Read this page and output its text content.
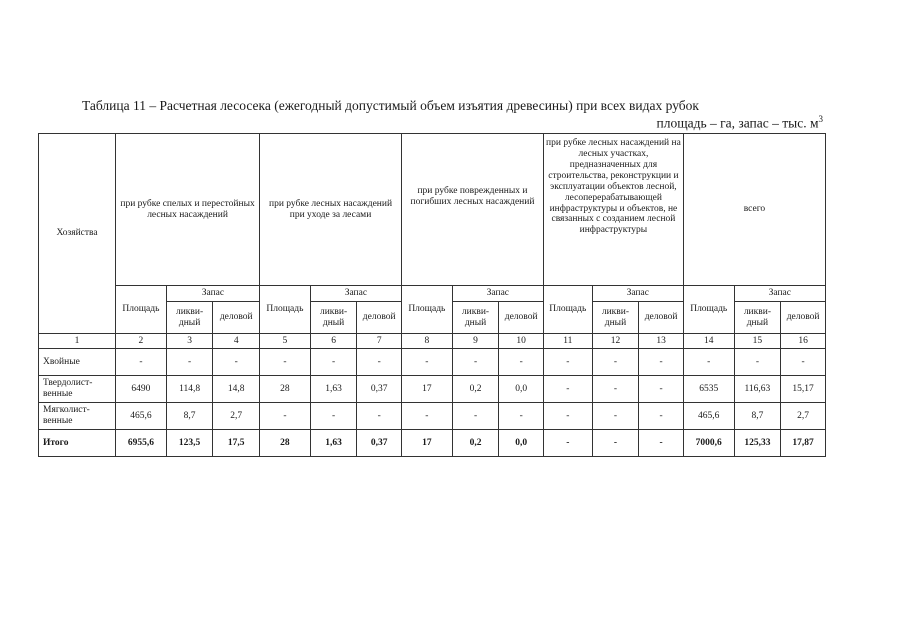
Таблица 11 – Расчетная лесосека (ежегодный допустимый объем изъятия древесины) при всех видах рубок
площадь – га, запас – тыс. $м^3$
Хозяйства	при рубке спелых и перестойных лесных насаждений			при рубке лесных насаждений при уходе за лесами			при рубке поврежденных и погибших лесных насаждений			при рубке лесных насаждений на лесных участках, предназначенных для строительства, реконструкции и эксплуатации объектов лесной, лесоперерабатывающей инфраструктуры и объектов, не связанных с созданием лесной инфраструктуры			всего		
	Площадь	Запас		Площадь	Запас		Площадь	Запас		Площадь	Запас		Площадь	Запас	
		ликви-дный	деловой		ликви-дный	деловой		ликви-дный	деловой		ликви-дный	деловой		ликви-дный	деловой
1	2	3	4	5	6	7	8	9	10	11	12	13	14	15	16
Хвойные	-	-	-	-	-	-	-	-	-	-	-	-	-	-	-
Твердолист-венные	6490	114,8	14,8	28	1,63	0,37	17	0,2	0,0	-	-	-	6535	116,63	15,17
Мягколист-венные	465,6	8,7	2,7	-	-	-	-	-	-	-	-	-	465,6	8,7	2,7
Итого	6955,6	123,5	17,5	28	1,63	0,37	17	0,2	0,0	-	-	-	7000,6	125,33	17,87
